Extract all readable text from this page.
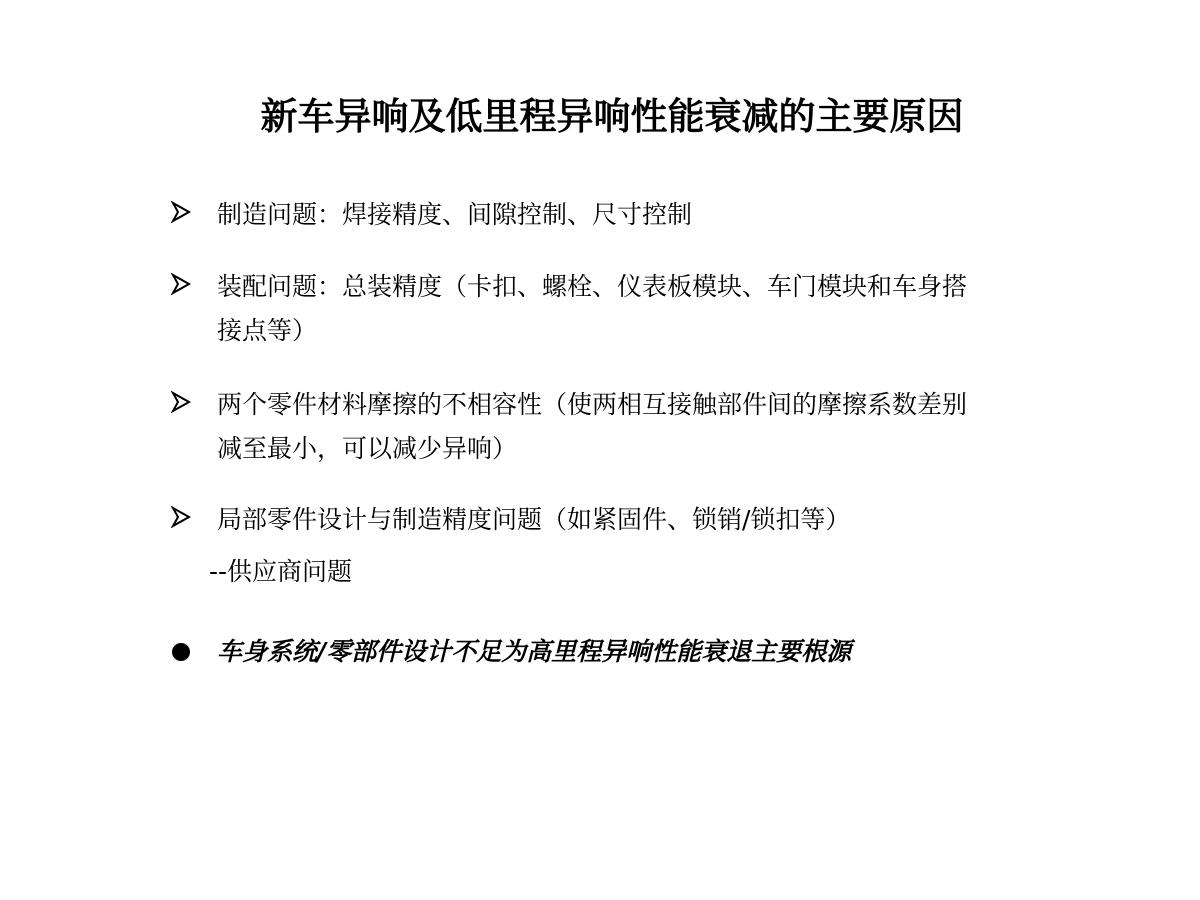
新车异响及低里程异响性能衰减的主要原因
制造问题：焊接精度、间隙控制、尺寸控制
装配问题：总装精度（卡扣、螺栓、仪表板模块、车门模块和车身搭
接点等）
两个零件材料摩擦的不相容性（使两相互接触部件间的摩擦系数差别
减至最小，可以减少异响）
局部零件设计与制造精度问题（如紧固件、锁销/锁扣等）
--供应商问题
车身系统/零部件设计不足为高里程异响性能衰退主要根源
